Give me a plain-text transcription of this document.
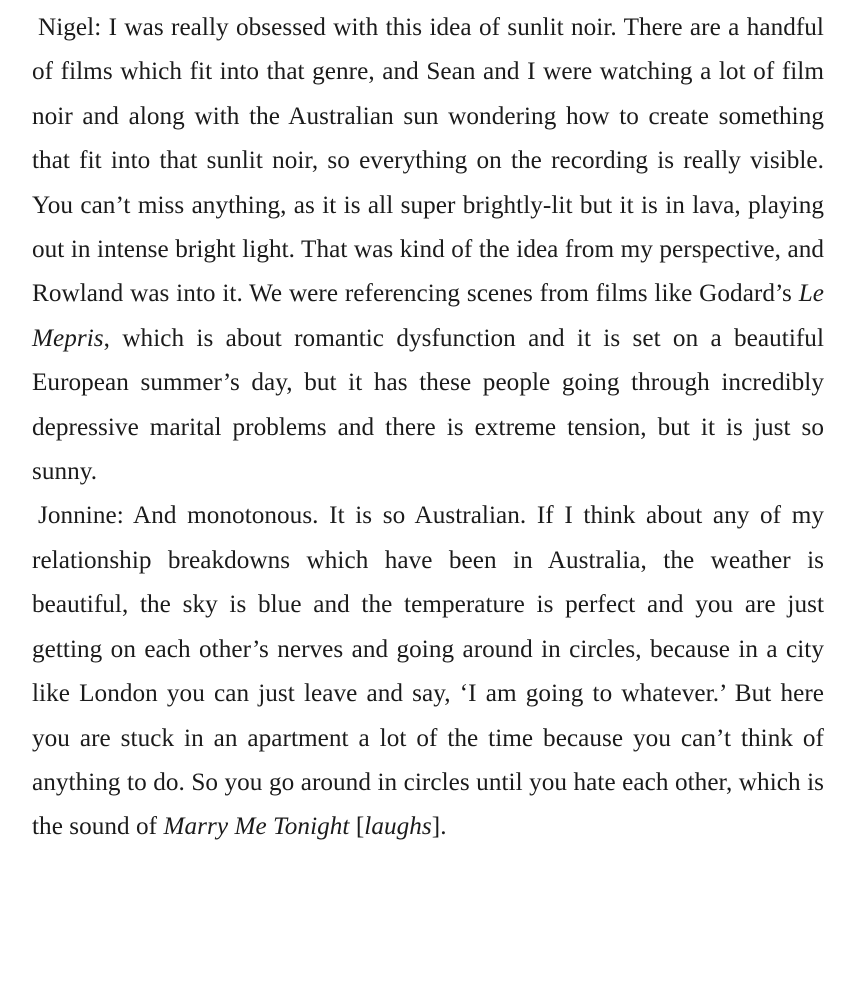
Nigel: I was really obsessed with this idea of sunlit noir. There are a handful of films which fit into that genre, and Sean and I were watching a lot of film noir and along with the Australian sun wondering how to create something that fit into that sunlit noir, so everything on the recording is really visible. You can’t miss anything, as it is all super brightly-lit but it is in lava, playing out in intense bright light. That was kind of the idea from my perspective, and Rowland was into it. We were referencing scenes from films like Godard’s Le Mepris, which is about romantic dysfunction and it is set on a beautiful European summer’s day, but it has these people going through incredibly depressive marital problems and there is extreme tension, but it is just so sunny.

Jonnine: And monotonous. It is so Australian. If I think about any of my relationship breakdowns which have been in Australia, the weather is beautiful, the sky is blue and the temperature is perfect and you are just getting on each other’s nerves and going around in circles, because in a city like London you can just leave and say, ‘I am going to whatever.’ But here you are stuck in an apartment a lot of the time because you can’t think of anything to do. So you go around in circles until you hate each other, which is the sound of Marry Me Tonight [laughs].
